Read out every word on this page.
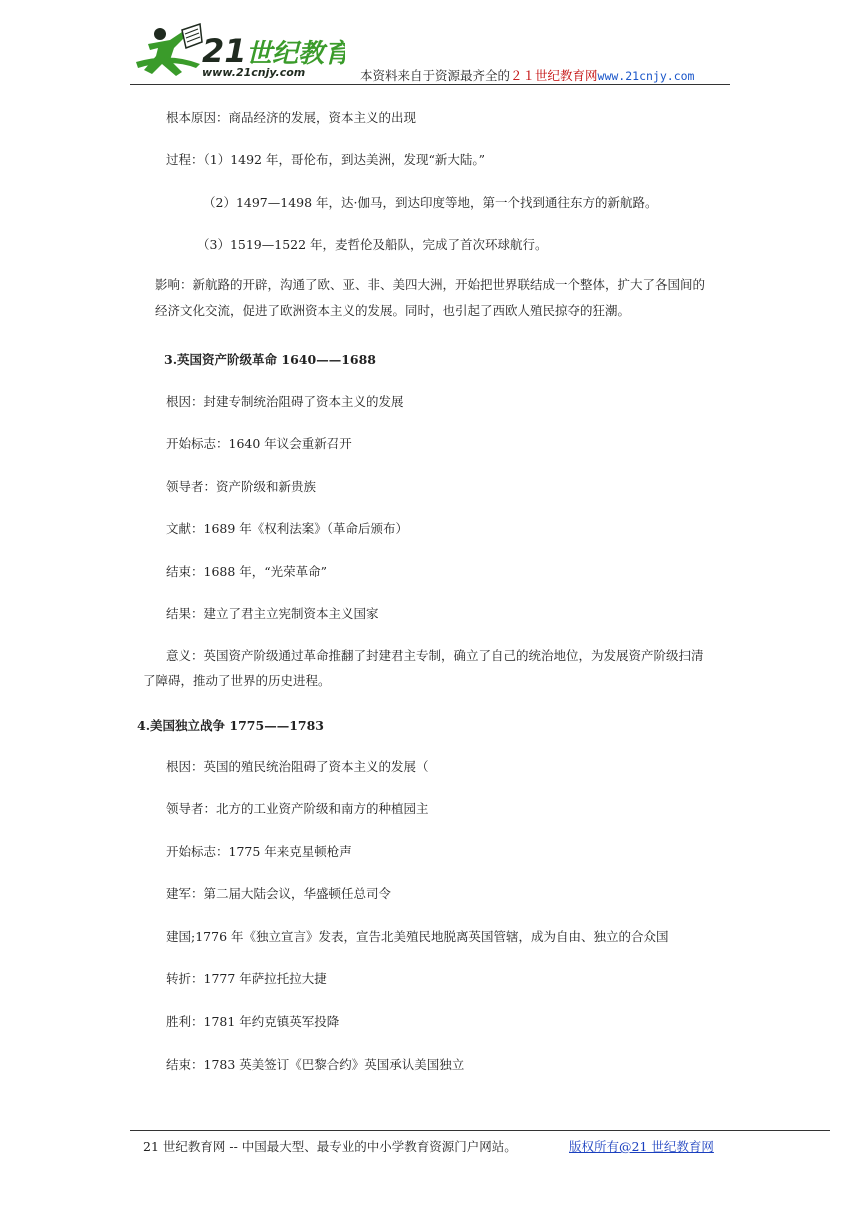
21 世纪教育
www.21cnjy.com	本资料来自于资源最齐全的２１世纪教育网www.21cnjy.com
根本原因：商品经济的发展，资本主义的出现
过程：（1）1492 年，哥伦布，到达美洲，发现“新大陆。”
（2）1497—1498 年，达·伽马，到达印度等地，第一个找到通往东方的新航路。
（3）1519—1522 年，麦哲伦及船队，完成了首次环球航行。
影响：新航路的开辟，沟通了欧、亚、非、美四大洲，开始把世界联结成一个整体，扩大了各国间的
经济文化交流，促进了欧洲资本主义的发展。同时，也引起了西欧人殖民掠夺的狂潮。
3.英国资产阶级革命 1640——1688
根因：封建专制统治阻碍了资本主义的发展
开始标志：1640 年议会重新召开
领导者：资产阶级和新贵族
文献：1689 年《权利法案》（革命后颁布）
结束：1688 年，“光荣革命”
结果：建立了君主立宪制资本主义国家
意义：英国资产阶级通过革命推翻了封建君主专制，确立了自己的统治地位，为发展资产阶级扫清
了障碍，推动了世界的历史进程。
4.美国独立战争 1775——1783
根因：英国的殖民统治阻碍了资本主义的发展（
领导者：北方的工业资产阶级和南方的种植园主
开始标志：1775 年来克星顿枪声
建军：第二届大陆会议，华盛顿任总司令
建国;1776 年《独立宣言》发表，宣告北美殖民地脱离英国管辖，成为自由、独立的合众国
转折：1777 年萨拉托拉大捷
胜利：1781 年约克镇英军投降
结束：1783 英美签订《巴黎合约》英国承认美国独立
21 世纪教育网 -- 中国最大型、最专业的中小学教育资源门户网站。	版权所有@21 世纪教育网
